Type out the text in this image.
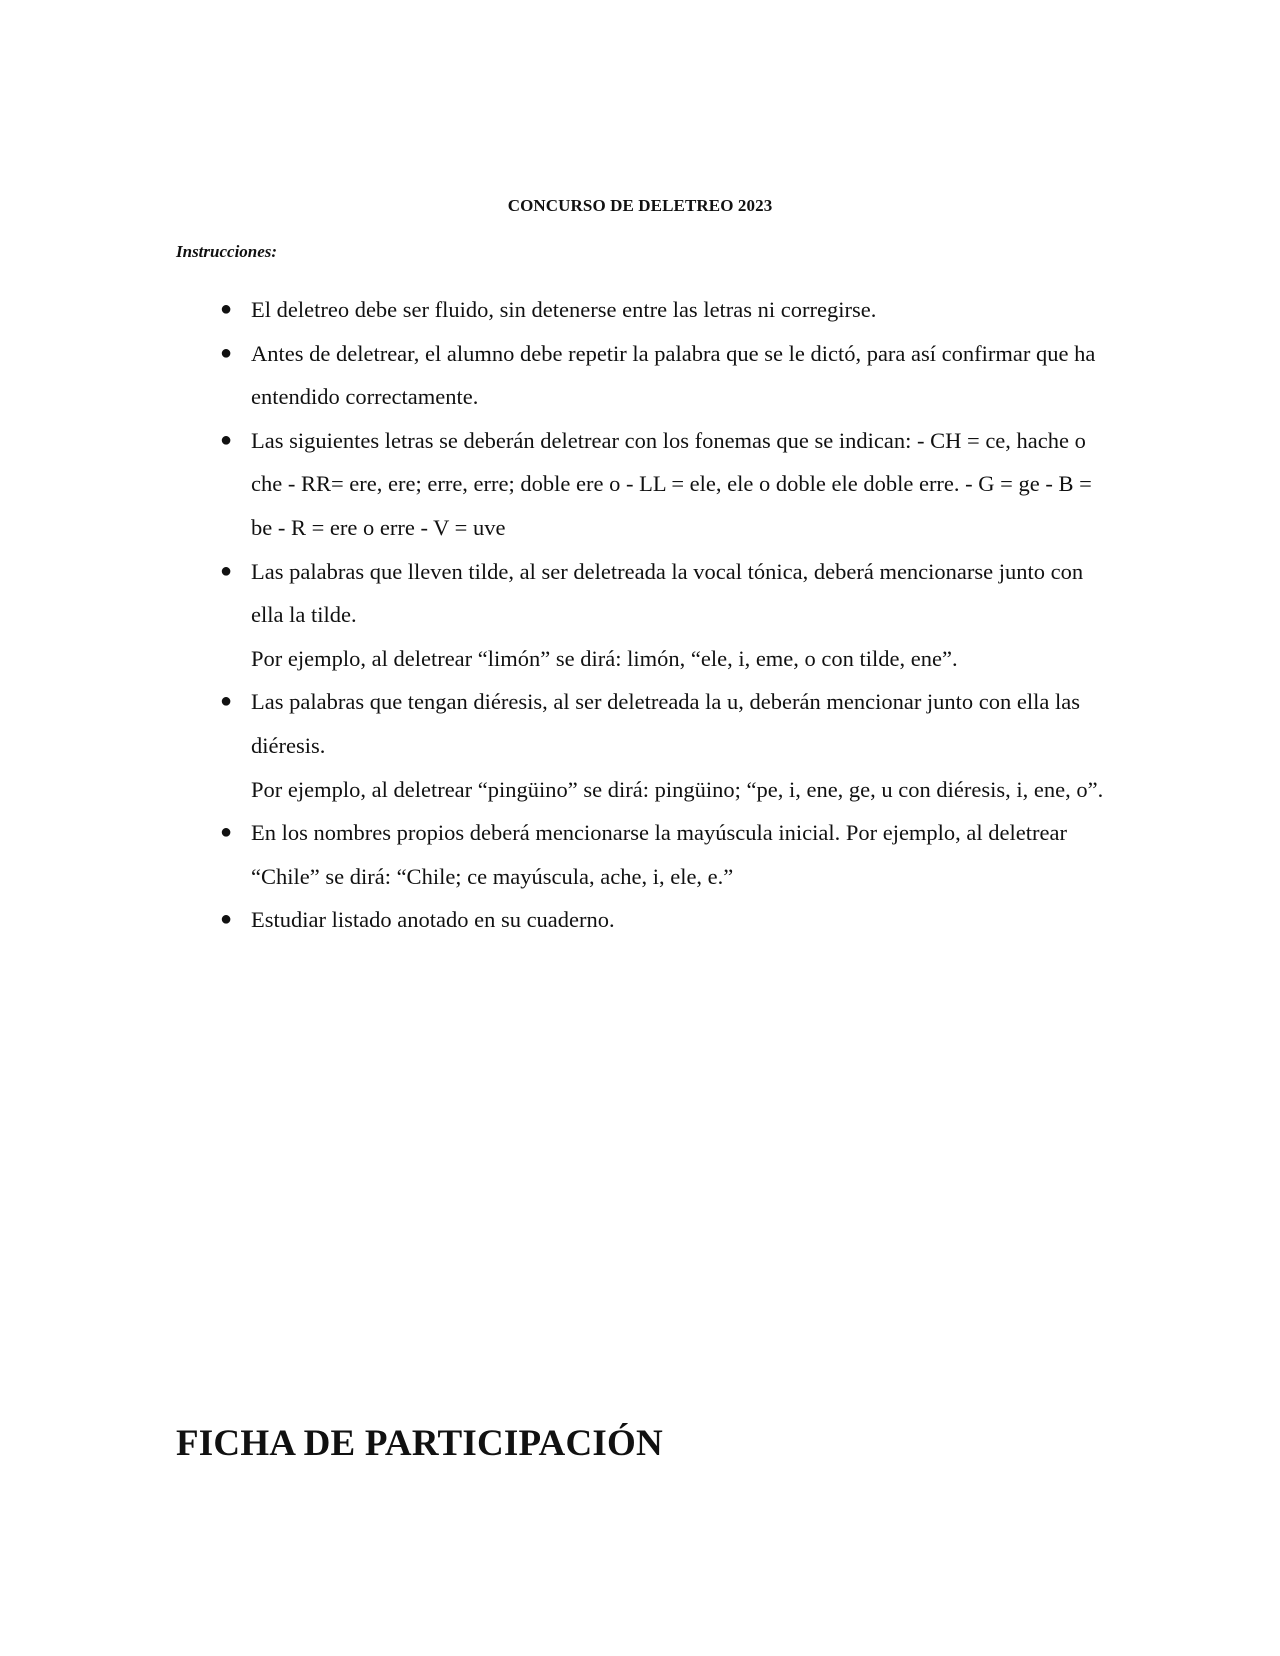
CONCURSO DE DELETREO 2023
Instrucciones:
● El deletreo debe ser fluido, sin detenerse entre las letras ni corregirse.
● Antes de deletrear, el alumno debe repetir la palabra que se le dictó, para así confirmar que ha entendido correctamente.
● Las siguientes letras se deberán deletrear con los fonemas que se indican: - CH = ce, hache o che - RR= ere, ere; erre, erre; doble ere o - LL = ele, ele o doble ele doble erre. - G = ge - B = be - R = ere o erre - V = uve
● Las palabras que lleven tilde, al ser deletreada la vocal tónica, deberá mencionarse junto con ella la tilde.
Por ejemplo, al deletrear “limón” se dirá: limón, “ele, i, eme, o con tilde, ene”.
● Las palabras que tengan diéresis, al ser deletreada la u, deberán mencionar junto con ella las diéresis.
Por ejemplo, al deletrear “pingüino” se dirá: pingüino; “pe, i, ene, ge, u con diéresis, i, ene, o”.
● En los nombres propios deberá mencionarse la mayúscula inicial. Por ejemplo, al deletrear “Chile” se dirá: “Chile; ce mayúscula, ache, i, ele, e.”
● Estudiar listado anotado en su cuaderno.
FICHA DE PARTICIPACIÓN
